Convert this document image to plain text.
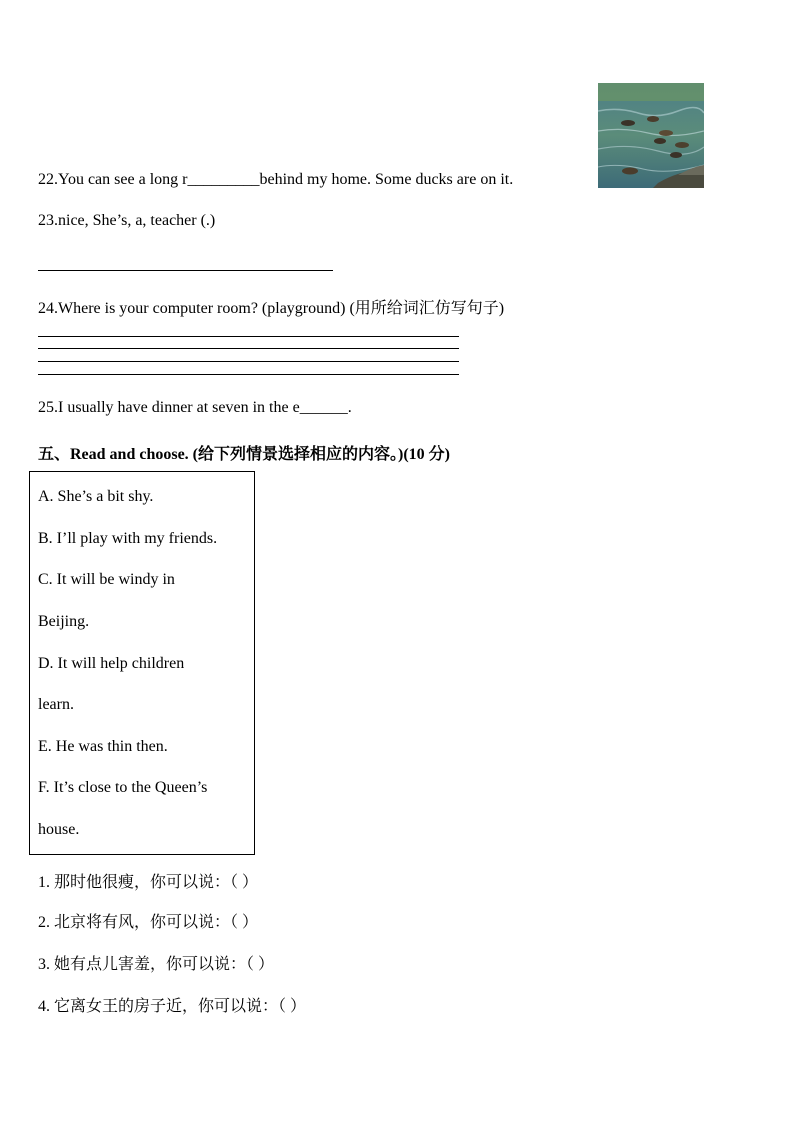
22.You can see a long r_________behind my home. Some ducks are on it.
23.nice, She’s, a, teacher (.)
24.Where is your computer room? (playground) (用所给词汇仿写句子)
25.I usually have dinner at seven in the e______.
五、Read and choose. (给下列情景选择相应的内容。)(10 分)
A. She’s a bit shy.
B. I’ll play with my friends.
C. It will be windy in
Beijing.
D. It will help children
learn.
E. He was thin then.
F. It’s close to the Queen’s
house.
1. 那时他很瘦，你可以说：（ ）
2. 北京将有风，你可以说：（ ）
3. 她有点儿害羞，你可以说：（ ）
4. 它离女王的房子近，你可以说：（ ）
